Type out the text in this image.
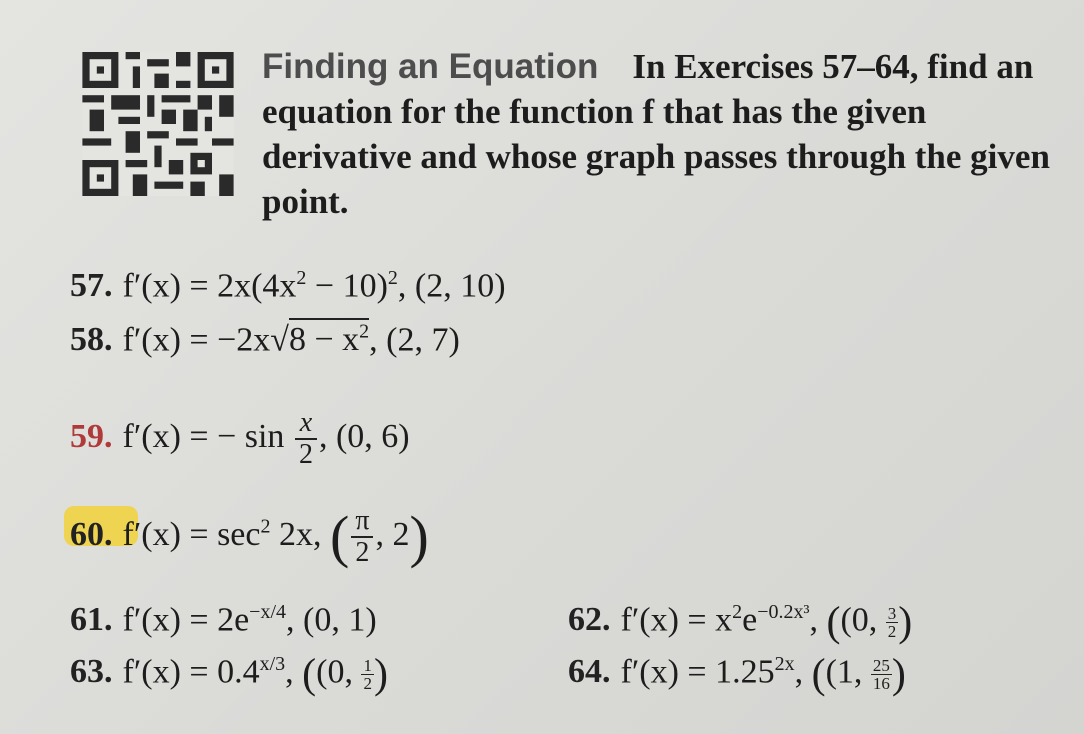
Finding an Equation In Exercises 57–64, find an equation for the function f that has the given derivative and whose graph passes through the given point.
57. $f'(x) = 2x(4x^2 - 10)^2$, (2, 10)
58. $f'(x) = -2x√8 - x^2$, (2, 7)
59. f′(x) = − $\sin \frac{x}{2}$ , (0, 6)
60. $f'(x) = \sec^2 2x$, ( $\frac{\pi}{2}$ , 2)
61. $f'(x) = 2e^{-x/4}$, (0, 1)	62. $f'(x) = x^2e^{-0.2x^3}$, ((0, $\frac{3}{2}$ )
63. $f'(x) = 0.4^{x/3}$, ((0, $\frac{1}{2}$ )	64. $f'(x) = 1.25^{2x}$, ((1, $\frac{25}{16}$ )
